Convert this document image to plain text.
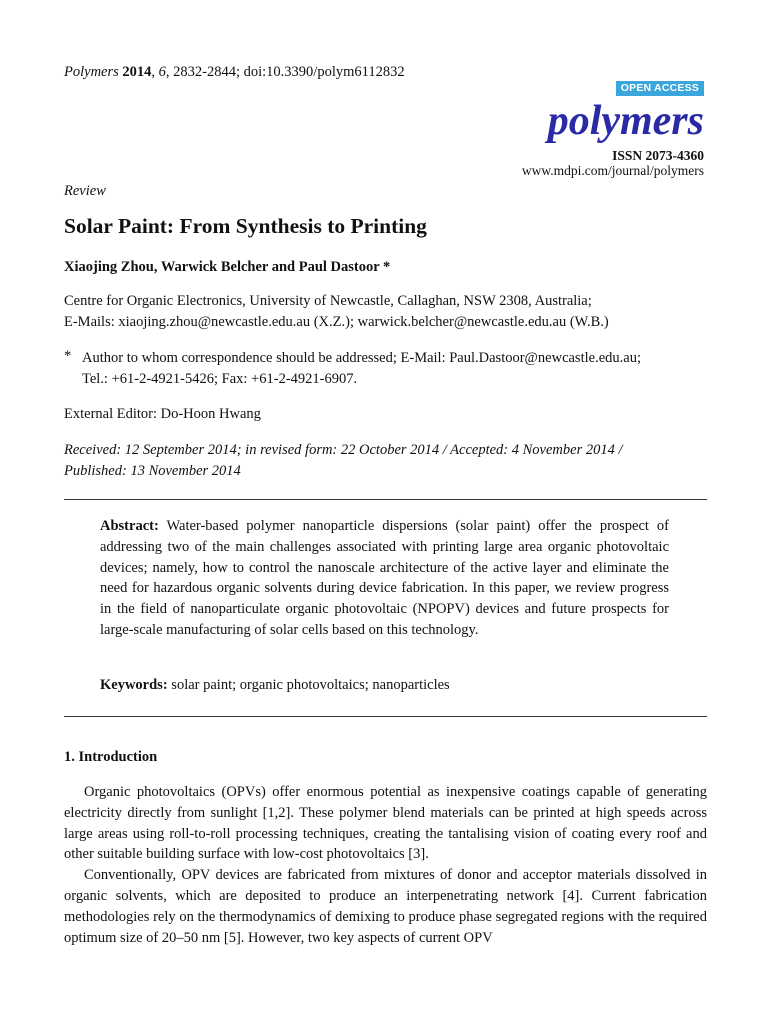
Polymers 2014, 6, 2832-2844; doi:10.3390/polym6112832
OPEN ACCESS
polymers
ISSN 2073-4360
www.mdpi.com/journal/polymers
Review
Solar Paint: From Synthesis to Printing
Xiaojing Zhou, Warwick Belcher and Paul Dastoor *
Centre for Organic Electronics, University of Newcastle, Callaghan, NSW 2308, Australia;
E-Mails: xiaojing.zhou@newcastle.edu.au (X.Z.); warwick.belcher@newcastle.edu.au (W.B.)
* Author to whom correspondence should be addressed; E-Mail: Paul.Dastoor@newcastle.edu.au;
Tel.: +61-2-4921-5426; Fax: +61-2-4921-6907.
External Editor: Do-Hoon Hwang
Received: 12 September 2014; in revised form: 22 October 2014 / Accepted: 4 November 2014 /
Published: 13 November 2014
Abstract: Water-based polymer nanoparticle dispersions (solar paint) offer the prospect of addressing two of the main challenges associated with printing large area organic photovoltaic devices; namely, how to control the nanoscale architecture of the active layer and eliminate the need for hazardous organic solvents during device fabrication. In this paper, we review progress in the field of nanoparticulate organic photovoltaic (NPOPV) devices and future prospects for large-scale manufacturing of solar cells based on this technology.
Keywords: solar paint; organic photovoltaics; nanoparticles
1. Introduction

Organic photovoltaics (OPVs) offer enormous potential as inexpensive coatings capable of generating electricity directly from sunlight [1,2]. These polymer blend materials can be printed at high speeds across large areas using roll-to-roll processing techniques, creating the tantalising vision of coating every roof and other suitable building surface with low-cost photovoltaics [3].

Conventionally, OPV devices are fabricated from mixtures of donor and acceptor materials dissolved in organic solvents, which are deposited to produce an interpenetrating network [4]. Current fabrication methodologies rely on the thermodynamics of demixing to produce phase segregated regions with the required optimum size of 20–50 nm [5]. However, two key aspects of current OPV
